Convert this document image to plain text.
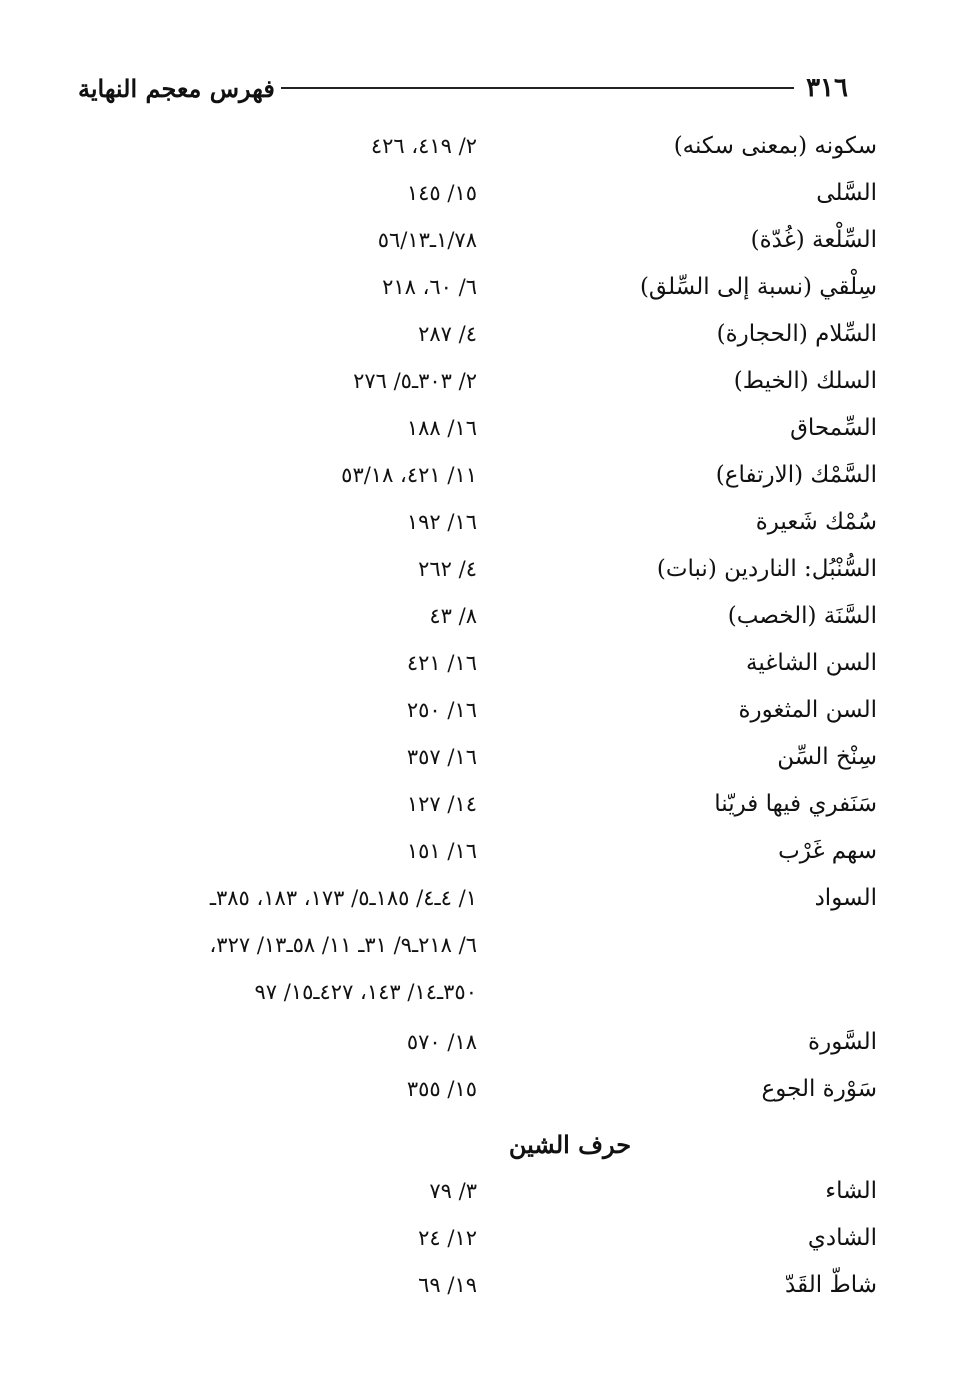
٣١٦
فهرس معجم النهاية
سكونه (بمعنى سكنه)
٢/ ٤١٩، ٤٢٦
السَّلى
١٥/ ١٤٥
السِّلْعة (غُدّة)
١/٧٨ـ٥٦/١٣
سِلْقي (نسبة إلى السِّلق)
٦/ ٦٠، ٢١٨
السِّلام (الحجارة)
٤/ ٢٨٧
السلك (الخيط)
٢/ ٣٠٣ـ٥/ ٢٧٦
السِّمحاق
١٦/ ١٨٨
السَّمْك (الارتفاع)
١١/ ٤٢١، ٥٣/١٨
سُمْك شَعيرة
١٦/ ١٩٢
السُّنْبُل: الناردين (نبات)
٤/ ٢٦٢
السَّنَة (الخصب)
٨/ ٤٣
السن الشاغية
١٦/ ٤٢١
السن المثغورة
١٦/ ٢٥٠
سِنْخ السِّن
١٦/ ٣٥٧
سَنَفري فيها فريّنا
١٤/ ١٢٧
سهم غَرْب
١٦/ ١٥١
السواد
١/ ٤ـ٤/ ١٨٥ـ٥/ ١٧٣، ١٨٣، ٣٨٥ـ
٦/ ٢١٨ـ٩/ ٣١ـ ١١/ ٥٨ـ١٣/ ٣٢٧،
٣٥٠ـ١٤/ ١٤٣، ٤٢٧ـ١٥/ ٩٧
السَّورة
١٨/ ٥٧٠
سَوْرة الجوع
١٥/ ٣٥٥
حرف الشين
الشاء
٣/ ٧٩
الشادي
١٢/ ٢٤
شاطّ القَدّ
١٩/ ٦٩
